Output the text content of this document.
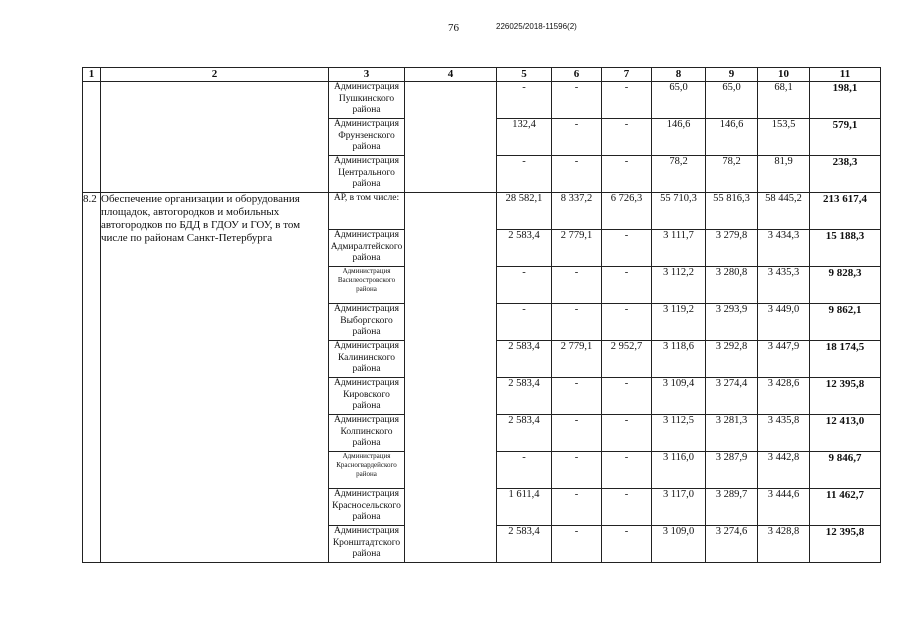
76	226025/2018-11596(2)
1	2	3	4	5	6	7	8	9	10	11
		Администрация Пушкинского района		-	-	-	65,0	65,0	68,1	198,1
		Администрация Фрунзенского района		132,4	-	-	146,6	146,6	153,5	579,1
		Администрация Центрального района		-	-	-	78,2	78,2	81,9	238,3
8.2	Обеспечение организации и оборудования площадок, автогородков и мобильных автогородков по БДД в ГДОУ и ГОУ, в том числе по районам Санкт-Петербурга	АР, в том числе:		28 582,1	8 337,2	6 726,3	55 710,3	55 816,3	58 445,2	213 617,4
		Администрация Адмиралтейского района		2 583,4	2 779,1	-	3 111,7	3 279,8	3 434,3	15 188,3
		Администрация Василеостровского района		-	-	-	3 112,2	3 280,8	3 435,3	9 828,3
		Администрация Выборгского района		-	-	-	3 119,2	3 293,9	3 449,0	9 862,1
		Администрация Калининского района		2 583,4	2 779,1	2 952,7	3 118,6	3 292,8	3 447,9	18 174,5
		Администрация Кировского района		2 583,4	-	-	3 109,4	3 274,4	3 428,6	12 395,8
		Администрация Колпинского района		2 583,4	-	-	3 112,5	3 281,3	3 435,8	12 413,0
		Администрация Красногвардейского района		-	-	-	3 116,0	3 287,9	3 442,8	9 846,7
		Администрация Красносельского района		1 611,4	-	-	3 117,0	3 289,7	3 444,6	11 462,7
		Администрация Кронштадтского района		2 583,4	-	-	3 109,0	3 274,6	3 428,8	12 395,8
